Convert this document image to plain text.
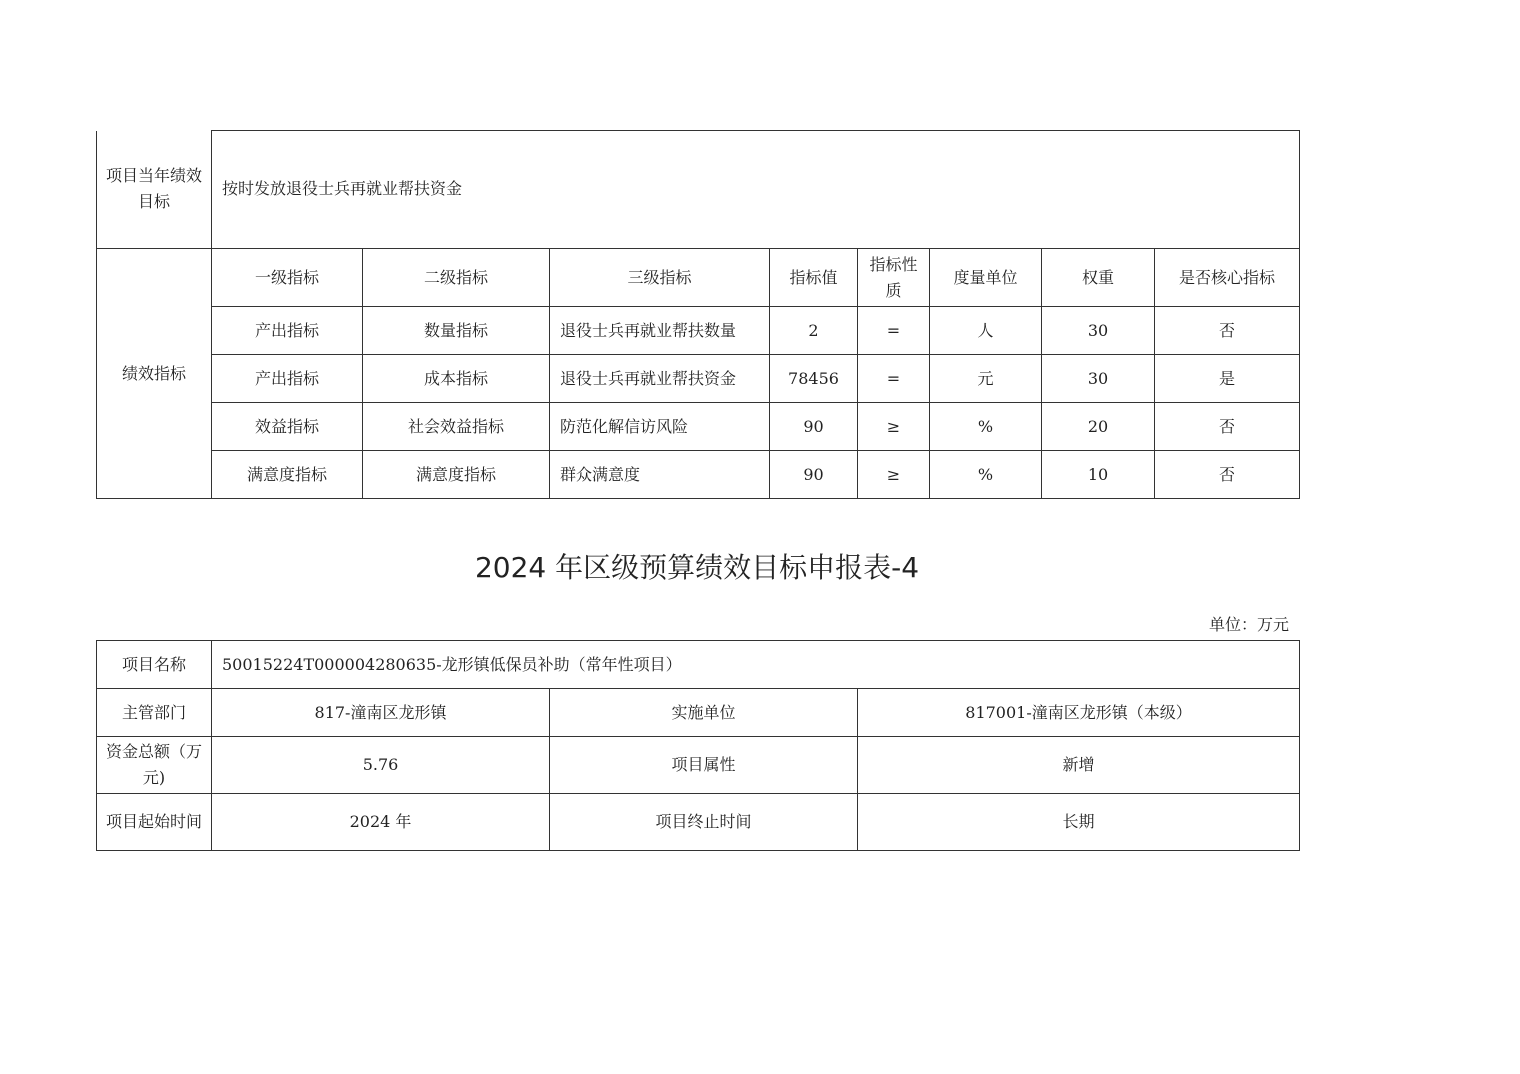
项目当年绩效目标	按时发放退役士兵再就业帮扶资金							
绩效指标	一级指标	二级指标	三级指标	指标值	指标性质	度量单位	权重	是否核心指标
	产出指标	数量指标	退役士兵再就业帮扶数量	2	=	人	30	否
	产出指标	成本指标	退役士兵再就业帮扶资金	78456	=	元	30	是
	效益指标	社会效益指标	防范化解信访风险	90	≥	%	20	否
	满意度指标	满意度指标	群众满意度	90	≥	%	10	否
2024 年区级预算绩效目标申报表-4
单位：万元
项目名称	50015224T000004280635-龙形镇低保员补助（常年性项目）		
主管部门	817-潼南区龙形镇	实施单位	817001-潼南区龙形镇（本级）
资金总额（万元)	5.76	项目属性	新增
项目起始时间	2024 年	项目终止时间	长期
